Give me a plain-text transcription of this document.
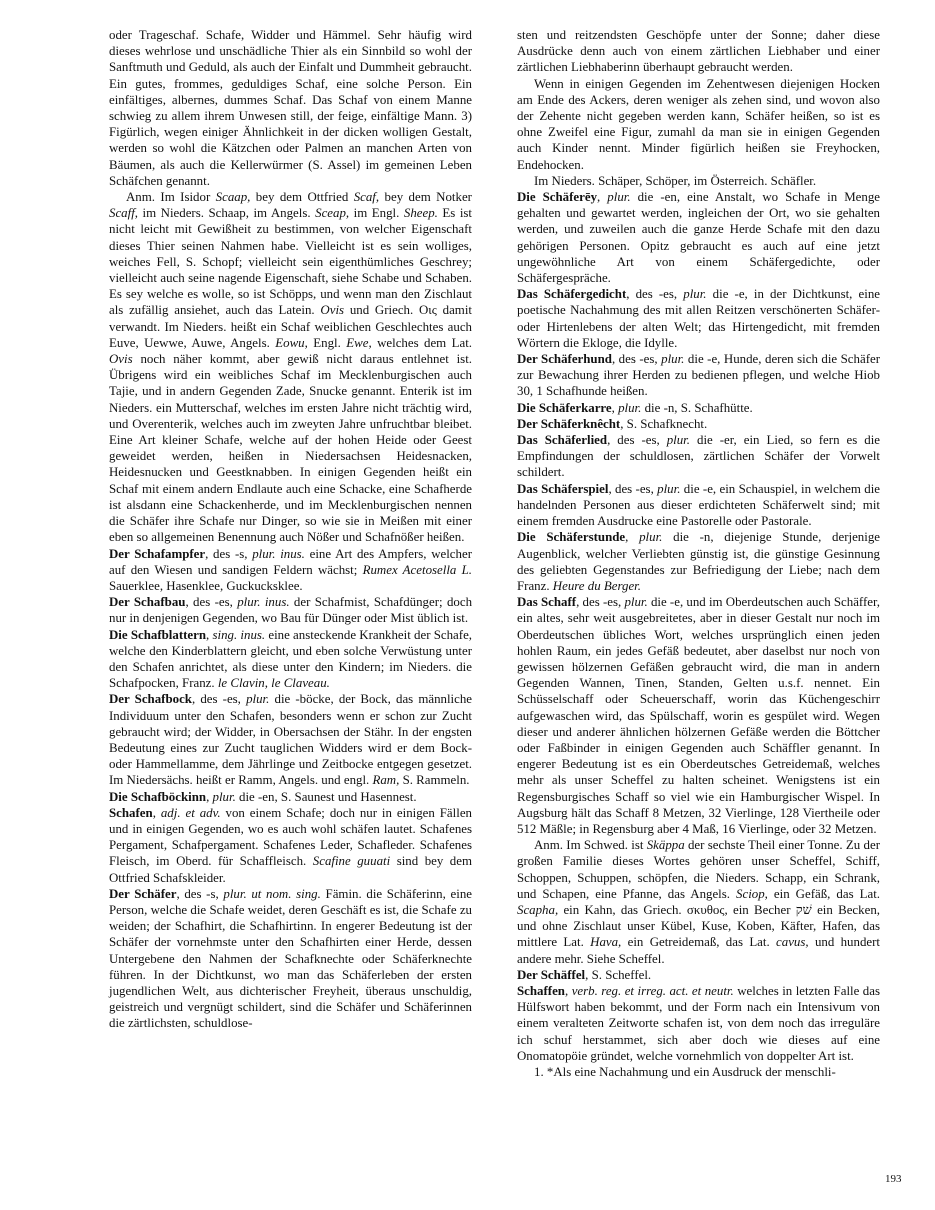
oder Trageschaf. Schafe, Widder und Hämmel. Sehr häufig wird dieses wehrlose und unschädliche Thier als ein Sinnbild so wohl der Sanftmuth und Geduld, als auch der Einfalt und Dummheit gebraucht. Ein gutes, frommes, geduldiges Schaf, eine solche Person. Ein einfältiges, albernes, dummes Schaf. Das Schaf von einem Manne schwieg zu allem ihrem Unwesen still, der feige, einfältige Mann. 3) Figürlich, wegen einiger Ähnlichkeit in der dicken wolligen Gestalt, werden so wohl die Kätzchen oder Palmen an manchen Arten von Bäumen, als auch die Kellerwürmer (S. Assel) im gemeinen Leben Schäfchen genannt.

Anm. Im Isidor Scaap, bey dem Ottfried Scaf, bey dem Notker Scaff, im Nieders. Schaap, im Angels. Sceap, im Engl. Sheep. Es ist nicht leicht mit Gewißheit zu bestimmen, von welcher Eigenschaft dieses Thier seinen Nahmen habe. Vielleicht ist es sein wolliges, weiches Fell, S. Schopf; vielleicht sein eigenthümliches Geschrey; vielleicht auch seine nagende Eigenschaft, siehe Schabe und Schaben. Es sey welche es wolle, so ist Schöpps, und wenn man den Zischlaut als zufällig ansiehet, auch das Latein. Ovis und Griech. Οις damit verwandt. Im Nieders. heißt ein Schaf weiblichen Geschlechtes auch Euve, Uewwe, Auwe, Angels. Eowu, Engl. Ewe, welches dem Lat. Ovis noch näher kommt, aber gewiß nicht daraus entlehnet ist. Übrigens wird ein weibliches Schaf im Mecklenburgischen auch Tajie, und in andern Gegenden Zade, Snucke genannt. Enterik ist im Nieders. ein Mutterschaf, welches im ersten Jahre nicht trächtig wird, und Overenterik, welches auch im zweyten Jahre unfruchtbar bleibet. Eine Art kleiner Schafe, welche auf der hohen Heide oder Geest geweidet werden, heißen in Niedersachsen Heidesnacken, Heidesnucken und Geestknabben. In einigen Gegenden heißt ein Schaf mit einem andern Endlaute auch eine Schacke, eine Schafherde ist alsdann eine Schackenherde, und im Mecklenburgischen nennen die Schäfer ihre Schafe nur Dinger, so wie sie in Meißen mit einer eben so allgemeinen Benennung auch Nößer und Schafnößer heißen.

Der Schafampfer, des -s, plur. inus. eine Art des Ampfers, welcher auf den Wiesen und sandigen Feldern wächst; Rumex Acetosella L. Sauerklee, Hasenklee, Guckucksklee.

Der Schafbau, des -es, plur. inus. der Schafmist, Schafdünger; doch nur in denjenigen Gegenden, wo Bau für Dünger oder Mist üblich ist.

Die Schafblattern, sing. inus. eine ansteckende Krankheit der Schafe, welche den Kinderblattern gleicht, und eben solche Verwüstung unter den Schafen anrichtet, als diese unter den Kindern; im Nieders. die Schafpocken, Franz. le Clavin, le Claveau.

Der Schafbock, des -es, plur. die -böcke, der Bock, das männliche Individuum unter den Schafen, besonders wenn er schon zur Zucht gebraucht wird; der Widder, in Obersachsen der Stähr. In der engsten Bedeutung eines zur Zucht tauglichen Widders wird er dem Bock- oder Hammellamme, dem Jährlinge und Zeitbocke entgegen gesetzet. Im Niedersächs. heißt er Ramm, Angels. und engl. Ram, S. Rammeln.

Die Schafböckinn, plur. die -en, S. Saunest und Hasennest.

Schafen, adj. et adv. von einem Schafe; doch nur in einigen Fällen und in einigen Gegenden, wo es auch wohl schäfen lautet. Schafenes Pergament, Schafpergament. Schafenes Leder, Schafleder. Schafenes Fleisch, im Oberd. für Schaffleisch. Scafine guuati sind bey dem Ottfried Schafskleider.

Der Schäfer, des -s, plur. ut nom. sing. Fämin. die Schäferinn, eine Person, welche die Schafe weidet, deren Geschäft es ist, die Schafe zu weiden; der Schafhirt, die Schafhirtinn. In engerer Bedeutung ist der Schäfer der vornehmste unter den Schafhirten einer Herde, dessen Untergebene den Nahmen der Schafknechte oder Schäferknechte führen. In der Dichtkunst, wo man das Schäferleben der ersten jugendlichen Welt, aus dichterischer Freyheit, überaus unschuldig, geistreich und vergnügt schildert, sind die Schäfer und Schäferinnen die zärtlichsten, schuldlose-

sten und reitzendsten Geschöpfe unter der Sonne; daher diese Ausdrücke denn auch von einem zärtlichen Liebhaber und einer zärtlichen Liebhaberinn überhaupt gebraucht werden.

Wenn in einigen Gegenden im Zehentwesen diejenigen Hocken am Ende des Ackers, deren weniger als zehen sind, und wovon also der Zehente nicht gegeben werden kann, Schäfer heißen, so ist es ohne Zweifel eine Figur, zumahl da man sie in einigen Gegenden auch Kinder nennt. Minder figürlich heißen sie Freyhocken, Endehocken.

Im Nieders. Schäper, Schöper, im Österreich. Schäfler.

Die Schäferēy, plur. die -en, eine Anstalt, wo Schafe in Menge gehalten und gewartet werden, ingleichen der Ort, wo sie gehalten werden, und zuweilen auch die ganze Herde Schafe mit den dazu gehörigen Personen. Opitz gebraucht es auch auf eine jetzt ungewöhnliche Art von einem Schäfergedichte, oder Schäfergespräche.

Das Schäfergedicht, des -es, plur. die -e, in der Dichtkunst, eine poetische Nachahmung des mit allen Reitzen verschönerten Schäfer- oder Hirtenlebens der alten Welt; das Hirtengedicht, mit fremden Wörtern die Ekloge, die Idylle.

Der Schäferhund, des -es, plur. die -e, Hunde, deren sich die Schäfer zur Bewachung ihrer Herden zu bedienen pflegen, und welche Hiob 30, 1 Schafhunde heißen.

Die Schäferkarre, plur. die -n, S. Schafhütte.

Der Schäferknêcht, S. Schafknecht.

Das Schäferlied, des -es, plur. die -er, ein Lied, so fern es die Empfindungen der schuldlosen, zärtlichen Schäfer der Vorwelt schildert.

Das Schäferspiel, des -es, plur. die -e, ein Schauspiel, in welchem die handelnden Personen aus dieser erdichteten Schäferwelt sind; mit einem fremden Ausdrucke eine Pastorelle oder Pastorale.

Die Schäferstunde, plur. die -n, diejenige Stunde, derjenige Augenblick, welcher Verliebten günstig ist, die günstige Gesinnung des geliebten Gegenstandes zur Befriedigung der Liebe; nach dem Franz. Heure du Berger.

Das Schaff, des -es, plur. die -e, und im Oberdeutschen auch Schäffer, ein altes, sehr weit ausgebreitetes, aber in dieser Gestalt nur noch im Oberdeutschen übliches Wort, welches ursprünglich einen jeden hohlen Raum, ein jedes Gefäß bedeutet, aber daselbst nur noch von gewissen hölzernen Gefäßen gebraucht wird, die man in andern Gegenden Wannen, Tinen, Standen, Gelten u.s.f. nennet. Ein Schüsselschaff oder Scheuerschaff, worin das Küchengeschirr aufgewaschen wird, das Spülschaff, worin es gespület wird. Wegen dieser und anderer ähnlichen hölzernen Gefäße werden die Böttcher oder Faßbinder in einigen Gegenden auch Schäffler genannt. In engerer Bedeutung ist es ein Oberdeutsches Getreidemaß, welches mehr als unser Scheffel zu halten scheinet. Wenigstens ist ein Regensburgisches Schaff so viel wie ein Hamburgischer Wispel. In Augsburg hält das Schaff 8 Metzen, 32 Vierlinge, 128 Viertheile oder 512 Mäßle; in Regensburg aber 4 Maß, 16 Vierlinge, oder 32 Metzen.

Anm. Im Schwed. ist Skäppa der sechste Theil einer Tonne. Zu der großen Familie dieses Wortes gehören unser Scheffel, Schiff, Schoppen, Schuppen, schöpfen, die Nieders. Schapp, ein Schrank, und Schapen, eine Pfanne, das Angels. Sciop, ein Gefäß, das Lat. Scapha, ein Kahn, das Griech. σκυθος, ein Becher שׁק ein Becken, und ohne Zischlaut unser Kübel, Kuse, Koben, Käfter, Hafen, das mittlere Lat. Hava, ein Getreidemaß, das Lat. cavus, und hundert andere mehr. Siehe Scheffel.

Der Schäffel, S. Scheffel.

Schaffen, verb. reg. et irreg. act. et neutr. welches in letzten Falle das Hülfswort haben bekommt, und der Form nach ein Intensivum von einem veralteten Zeitworte schafen ist, von dem noch das irreguläre ich schuf herstammet, sich aber doch wie dieses auf eine Onomatopöie gründet, welche vornehmlich von doppelter Art ist.

1. *Als eine Nachahmung und ein Ausdruck der menschli-

193
